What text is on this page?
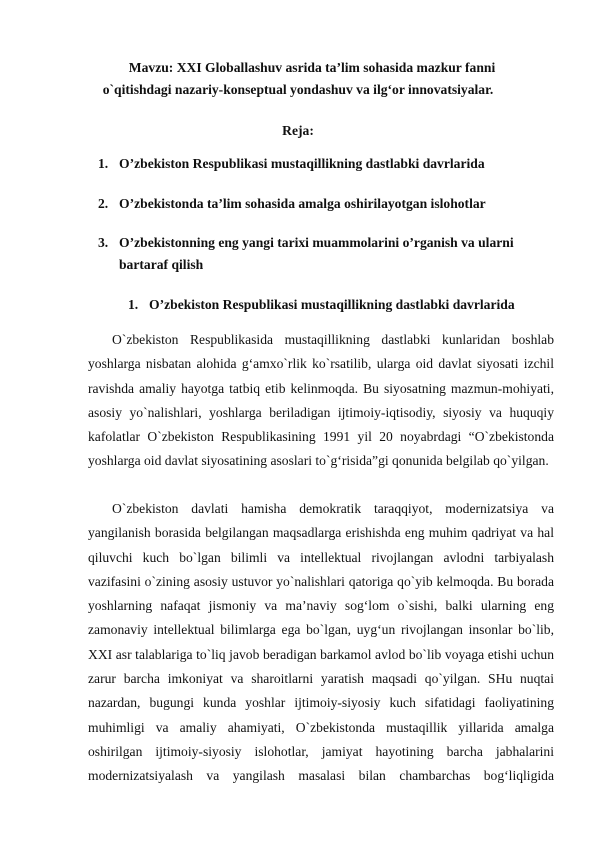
Mavzu: XXI Globallashuv asrida ta’lim sohasida mazkur fanni
o`qitishdagi nazariy-konseptual yondashuv va ilg‘or innovatsiyalar.
Reja:
1. O’zbekiston Respublikasi mustaqillikning dastlabki davrlarida
2. O’zbekistonda ta’lim sohasida amalga oshirilayotgan islohotlar
3. O’zbekistonning eng yangi tarixi muammolarini o’rganish va ularni
bartaraf qilish
1. O’zbekiston Respublikasi mustaqillikning dastlabki davrlarida

O`zbekiston Respublikasida mustaqillikning dastlabki kunlaridan boshlab yoshlarga nisbatan alohida g‘amxo`rlik ko`rsatilib, ularga oid davlat siyosati izchil ravishda amaliy hayotga tatbiq etib kelinmoqda. Bu siyosatning mazmun-mohiyati, asosiy yo`nalishlari, yoshlarga beriladigan ijtimoiy-iqtisodiy, siyosiy va huquqiy kafolatlar O`zbekiston Respublikasining 1991 yil 20 noyabrdagi “O`zbekistonda yoshlarga oid davlat siyosatining asoslari to`g‘risida”gi qonunida belgilab qo`yilgan.

O`zbekiston davlati hamisha demokratik taraqqiyot, modernizatsiya va yangilanish borasida belgilangan maqsadlarga erishishda eng muhim qadriyat va hal qiluvchi kuch bo`lgan bilimli va intellektual rivojlangan avlodni tarbiyalash vazifasini o`zining asosiy ustuvor yo`nalishlari qatoriga qo`yib kelmoqda. Bu borada yoshlarning nafaqat jismoniy va ma’naviy sog‘lom o`sishi, balki ularning eng zamonaviy intellektual bilimlarga ega bo`lgan, uyg‘un rivojlangan insonlar bo`lib, XXI asr talablariga to`liq javob beradigan barkamol avlod bo`lib voyaga etishi uchun zarur barcha imkoniyat va sharoitlarni yaratish maqsadi qo`yilgan. SHu nuqtai nazardan, bugungi kunda yoshlar ijtimoiy-siyosiy kuch sifatidagi faoliyatining muhimligi va amaliy ahamiyati, O`zbekistonda mustaqillik yillarida amalga oshirilgan ijtimoiy-siyosiy islohotlar, jamiyat hayotining barcha jabhalarini modernizatsiyalash va yangilash masalasi bilan chambarchas bog‘liqligida
